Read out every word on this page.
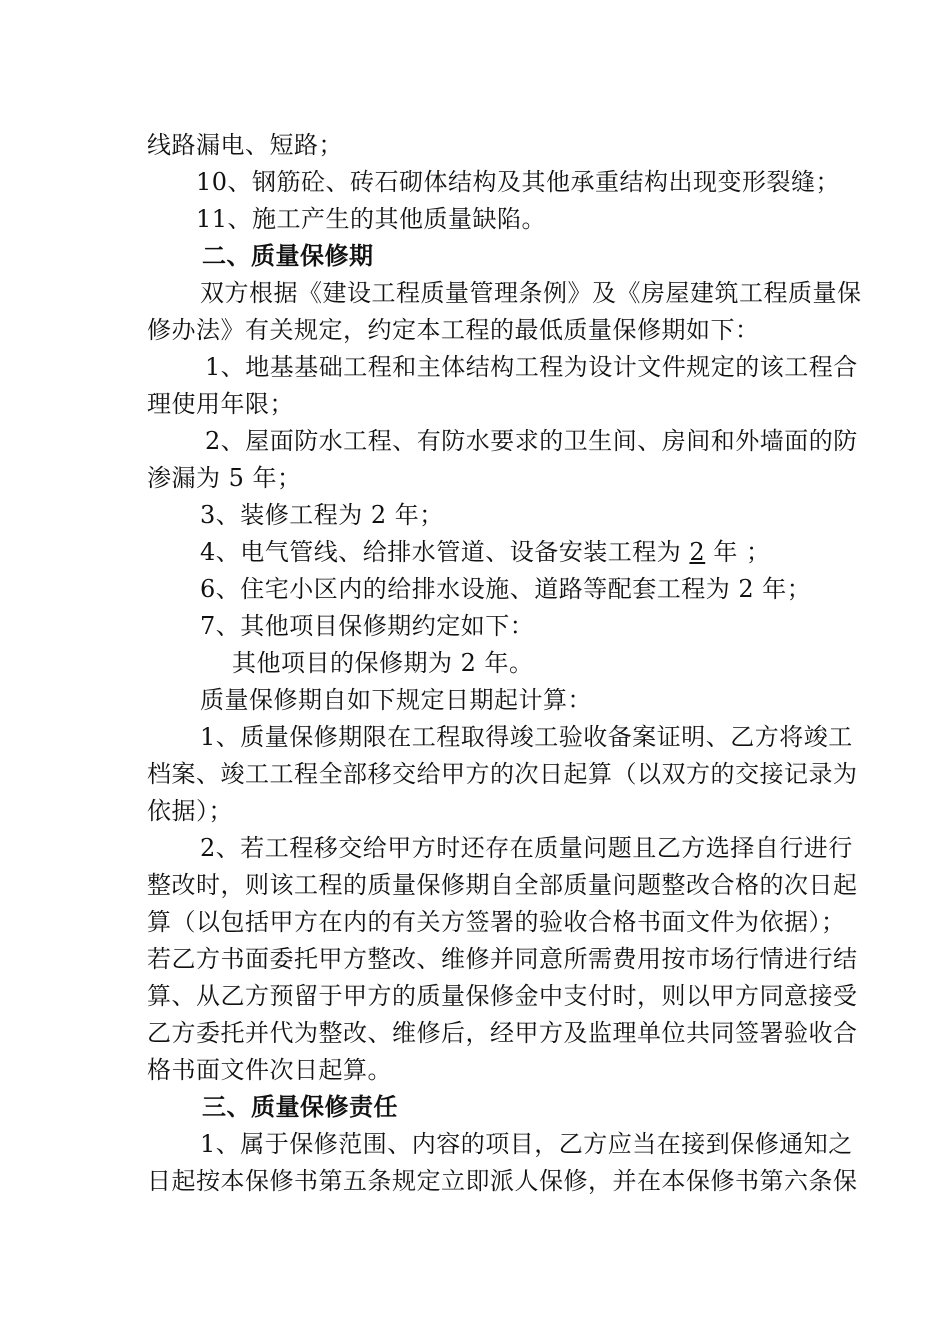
线路漏电、短路；
10、钢筋砼、砖石砌体结构及其他承重结构出现变形裂缝；
11、施工产生的其他质量缺陷。
二、质量保修期
双方根据《建设工程质量管理条例》及《房屋建筑工程质量保
修办法》有关规定，约定本工程的最低质量保修期如下：
1、地基基础工程和主体结构工程为设计文件规定的该工程合
理使用年限；
2、屋面防水工程、有防水要求的卫生间、房间和外墙面的防
渗漏为 5 年；
3、装修工程为 2 年；
4、电气管线、给排水管道、设备安装工程为 2 年 ；
6、住宅小区内的给排水设施、道路等配套工程为 2 年；
7、其他项目保修期约定如下：
其他项目的保修期为 2 年。
质量保修期自如下规定日期起计算：
1、质量保修期限在工程取得竣工验收备案证明、乙方将竣工
档案、竣工工程全部移交给甲方的次日起算（以双方的交接记录为
依据）；
2、若工程移交给甲方时还存在质量问题且乙方选择自行进行
整改时，则该工程的质量保修期自全部质量问题整改合格的次日起
算（以包括甲方在内的有关方签署的验收合格书面文件为依据）；
若乙方书面委托甲方整改、维修并同意所需费用按市场行情进行结
算、从乙方预留于甲方的质量保修金中支付时，则以甲方同意接受
乙方委托并代为整改、维修后，经甲方及监理单位共同签署验收合
格书面文件次日起算。
三、质量保修责任
1、属于保修范围、内容的项目，乙方应当在接到保修通知之
日起按本保修书第五条规定立即派人保修，并在本保修书第六条保
